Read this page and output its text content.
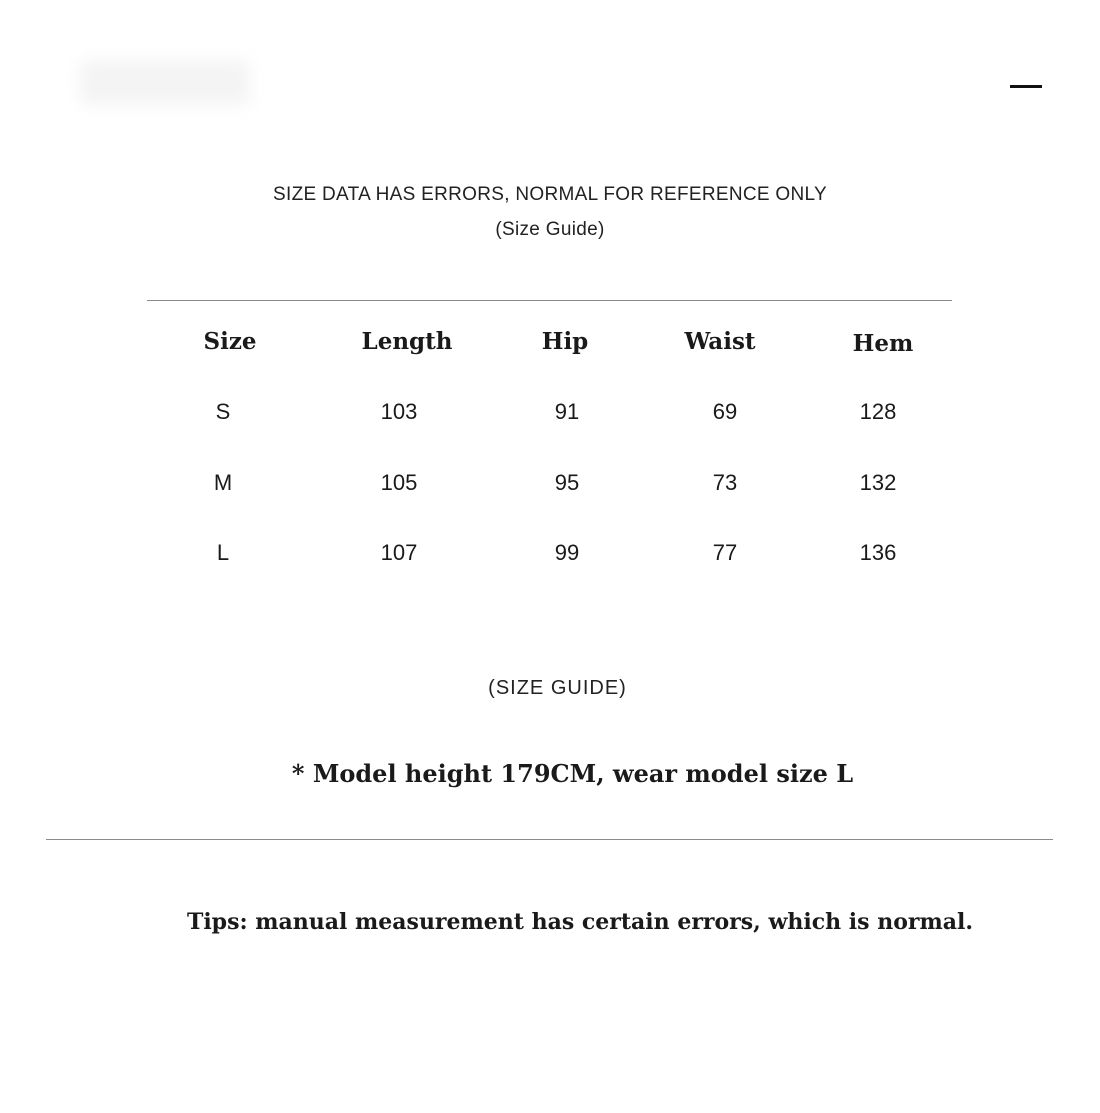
SIZE DATA HAS ERRORS, NORMAL FOR REFERENCE ONLY
(Size Guide)
Size	Length	Hip	Waist	Hem
S	103	91	69	128
M	105	95	73	132
L	107	99	77	136
(SIZE GUIDE)
* Model height 179CM, wear model size L
Tips: manual measurement has certain errors, which is normal.
